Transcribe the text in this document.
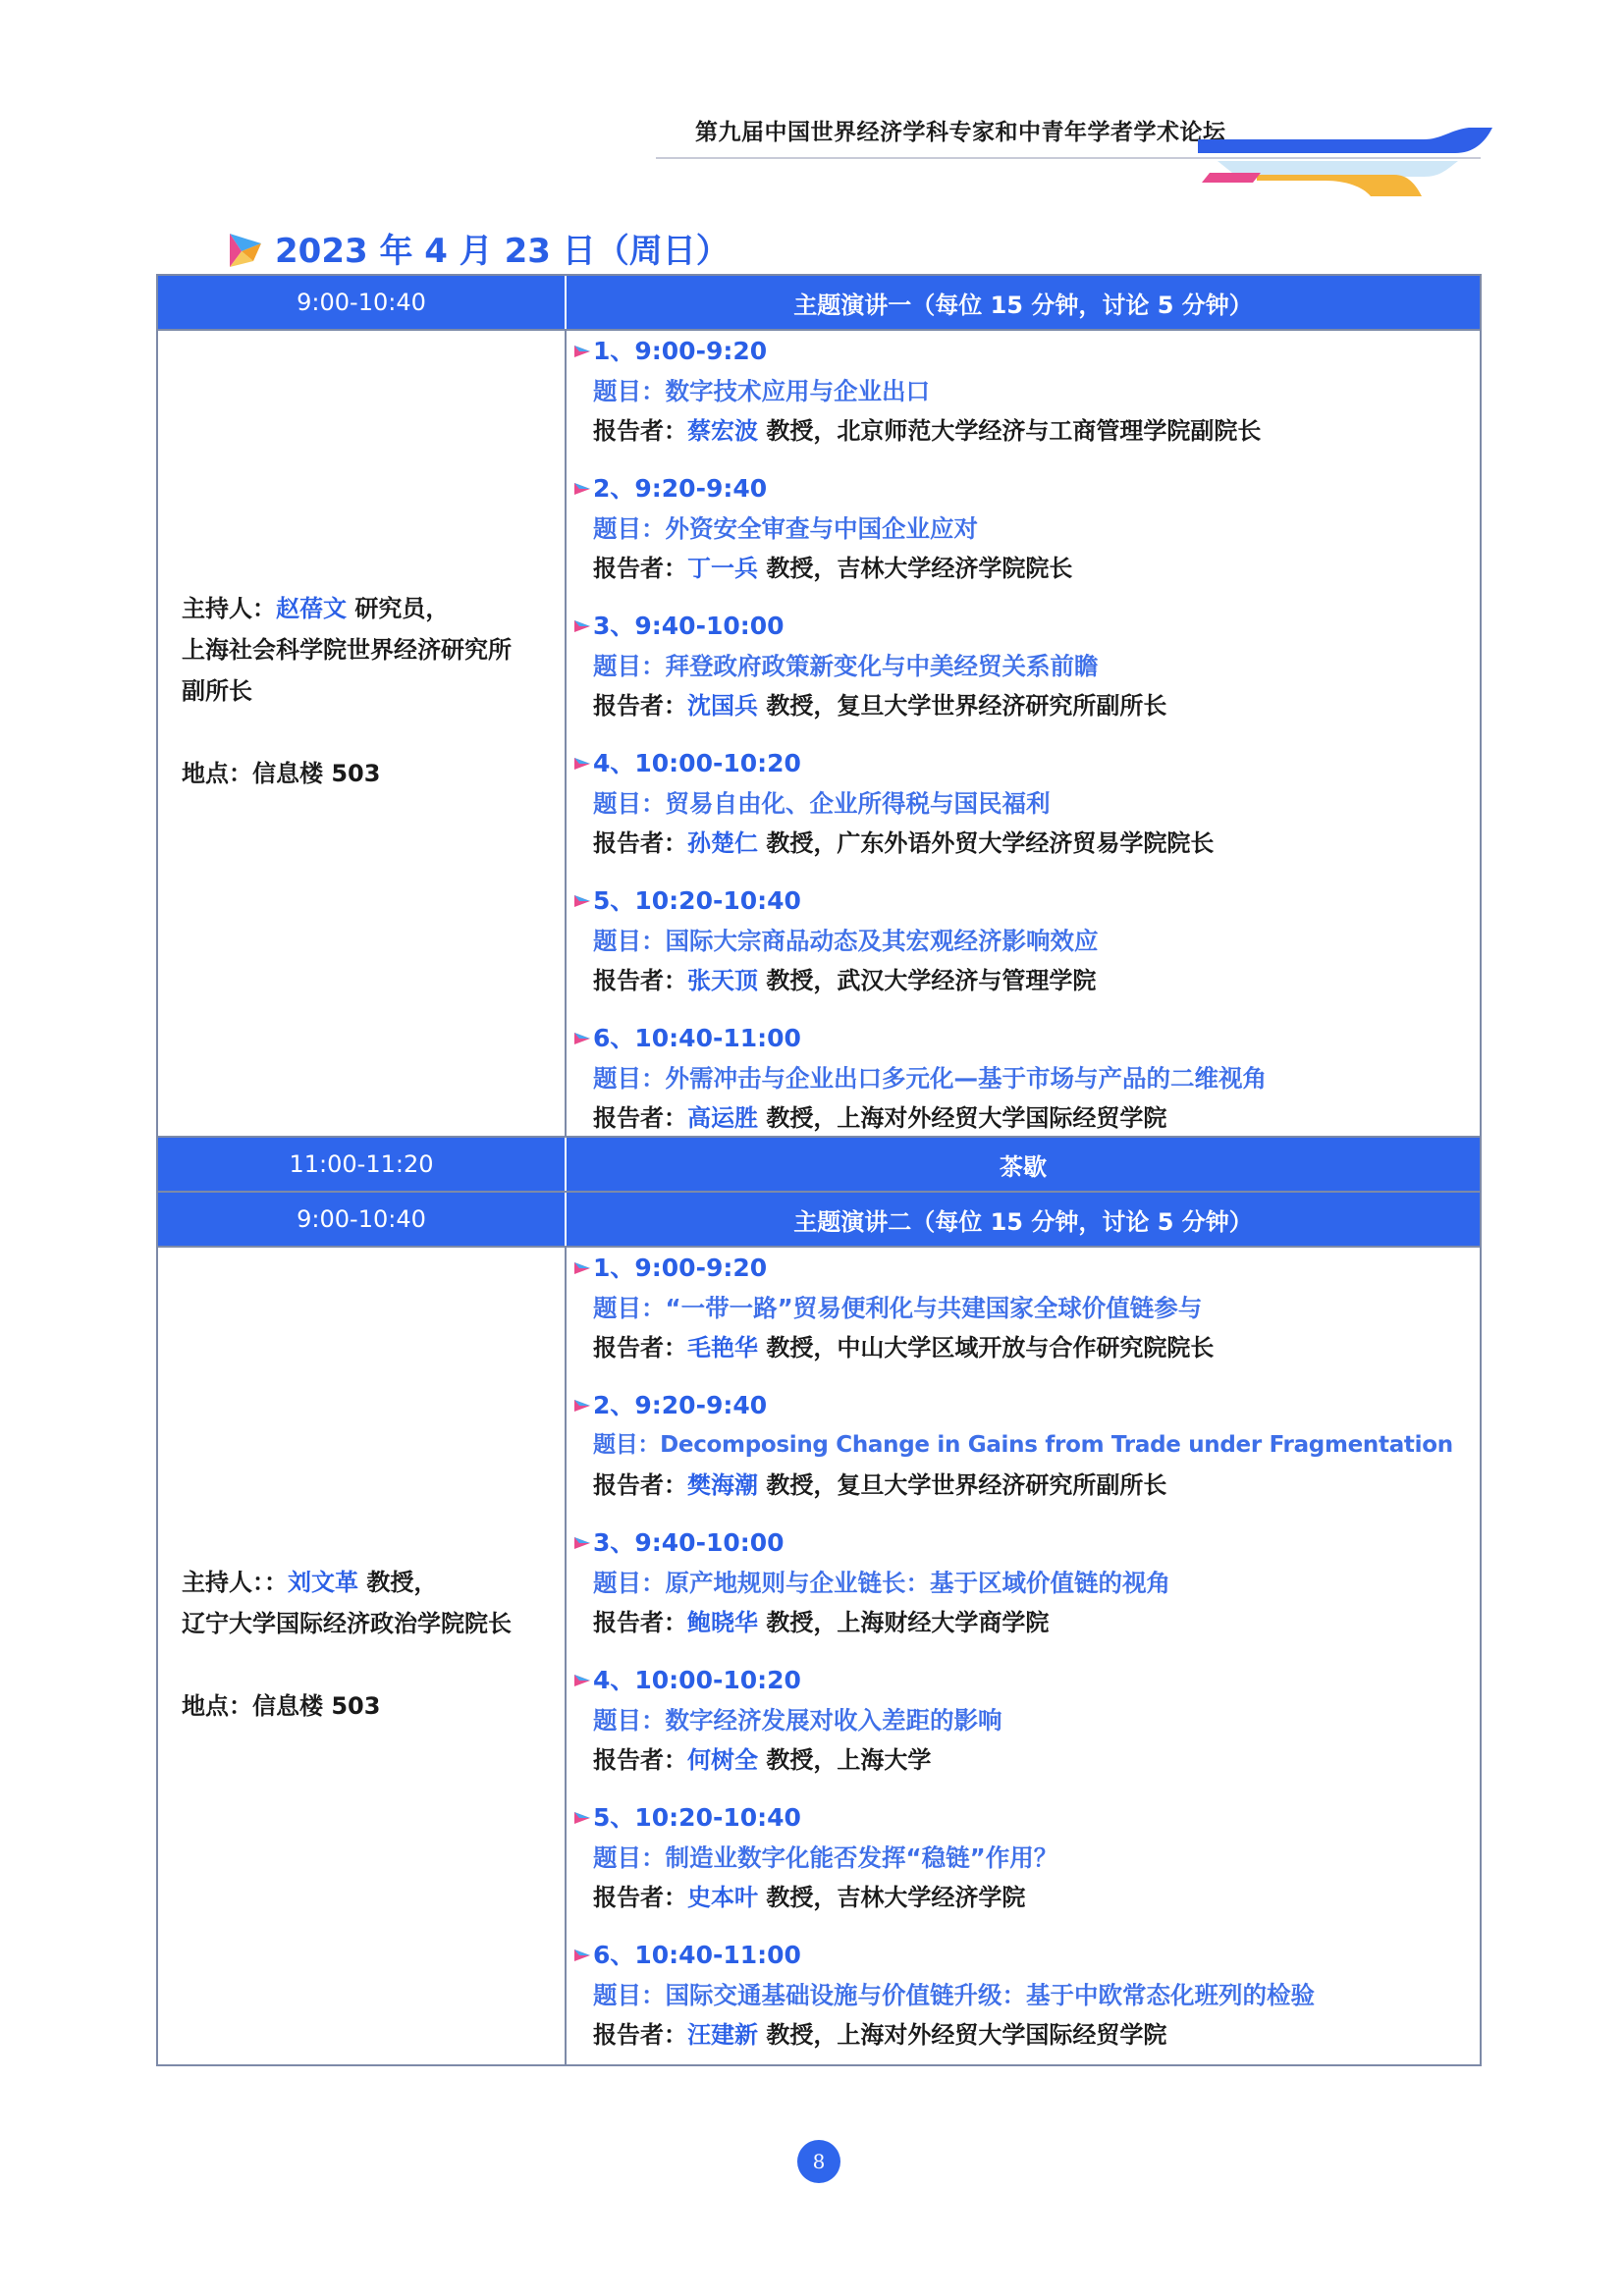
第九届中国世界经济学科专家和中青年学者学术论坛
2023 年 4 月 23 日（周日）
9:00-10:40	主题演讲一（每位 15 分钟，讨论 5 分钟）
主持人：赵蓓文 研究员，
上海社会科学院世界经济研究所
副所长
地点：信息楼 503
1、9:00-9:20
题目：数字技术应用与企业出口
报告者：蔡宏波 教授，北京师范大学经济与工商管理学院副院长
2、9:20-9:40
题目：外资安全审查与中国企业应对
报告者：丁一兵 教授，吉林大学经济学院院长
3、9:40-10:00
题目：拜登政府政策新变化与中美经贸关系前瞻
报告者：沈国兵 教授，复旦大学世界经济研究所副所长
4、10:00-10:20
题目：贸易自由化、企业所得税与国民福利
报告者：孙楚仁 教授，广东外语外贸大学经济贸易学院院长
5、10:20-10:40
题目：国际大宗商品动态及其宏观经济影响效应
报告者：张天顶 教授，武汉大学经济与管理学院
6、10:40-11:00
题目：外需冲击与企业出口多元化—基于市场与产品的二维视角
报告者：高运胜 教授，上海对外经贸大学国际经贸学院
11:00-11:20	茶歇
9:00-10:40	主题演讲二（每位 15 分钟，讨论 5 分钟）
主持人：：刘文革 教授，
辽宁大学国际经济政治学院院长
地点：信息楼 503
1、9:00-9:20
题目：“一带一路”贸易便利化与共建国家全球价值链参与
报告者：毛艳华 教授，中山大学区域开放与合作研究院院长
2、9:20-9:40
题目：Decomposing Change in Gains from Trade under Fragmentation
报告者：樊海潮 教授，复旦大学世界经济研究所副所长
3、9:40-10:00
题目：原产地规则与企业链长：基于区域价值链的视角
报告者：鲍晓华 教授，上海财经大学商学院
4、10:00-10:20
题目：数字经济发展对收入差距的影响
报告者：何树全 教授，上海大学
5、10:20-10:40
题目：制造业数字化能否发挥“稳链”作用？
报告者：史本叶 教授，吉林大学经济学院
6、10:40-11:00
题目：国际交通基础设施与价值链升级：基于中欧常态化班列的检验
报告者：汪建新 教授，上海对外经贸大学国际经贸学院
8
